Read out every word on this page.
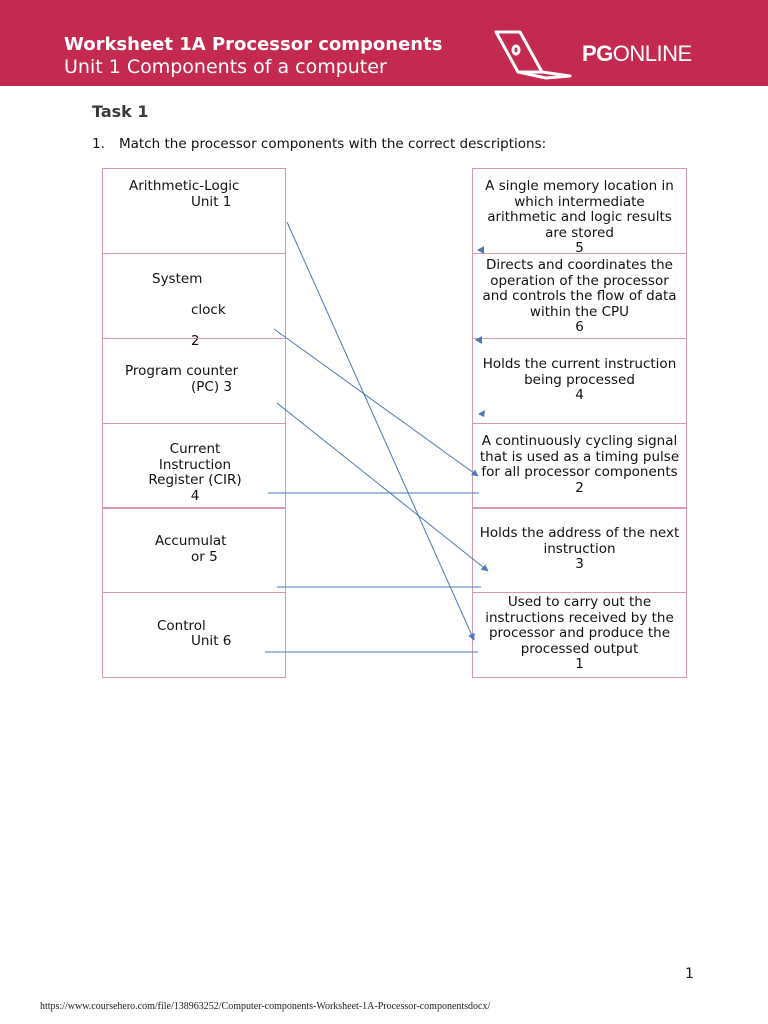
Worksheet 1A Processor components
Unit 1 Components of a computer
PGONLINE
Task 1
1. Match the processor components with the correct descriptions:
Arithmetic-Logic
Unit 1
System
clock
2
Program counter
(PC) 3
Current
Instruction
Register (CIR)
4
Accumulat
or 5
Control
Unit 6
A single memory location in which intermediate arithmetic and logic results are stored
5
Directs and coordinates the operation of the processor and controls the flow of data within the CPU
6
Holds the current instruction being processed
4
A continuously cycling signal that is used as a timing pulse for all processor components 2
Holds the address of the next instruction
3
Used to carry out the instructions received by the processor and produce the processed output
1
1
https://www.coursehero.com/file/138963252/Computer-components-Worksheet-1A-Processor-componentsdocx/
